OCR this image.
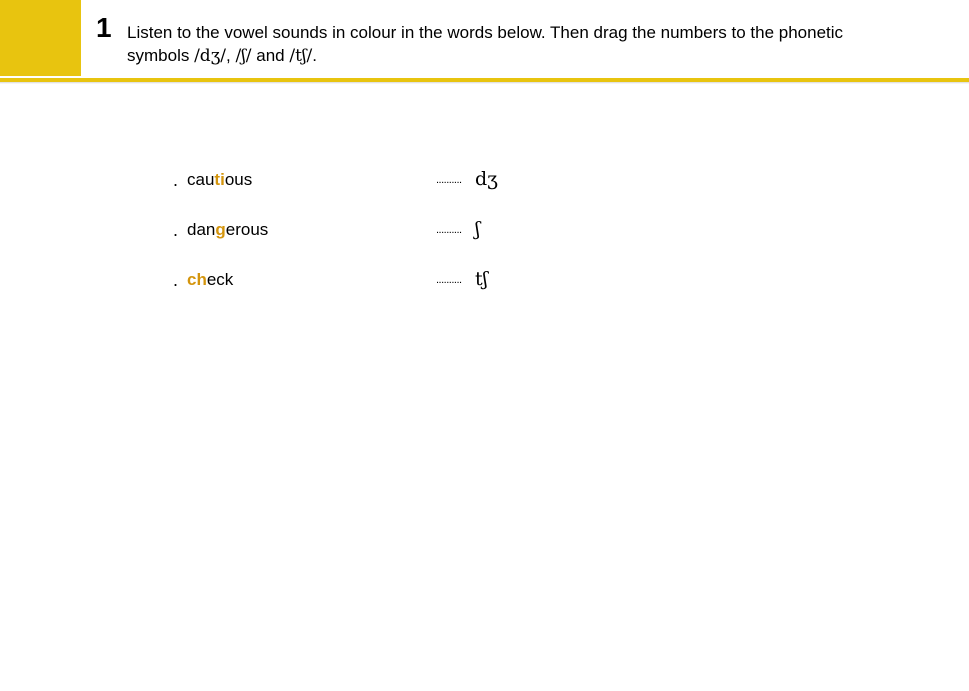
1 Listen to the vowel sounds in colour in the words below. Then drag the numbers to the phonetic
symbols /dʒ/, /ʃ/ and /tʃ/.
. cautious	.......... dʒ
. dangerous	.......... ʃ
. check	.......... tʃ
